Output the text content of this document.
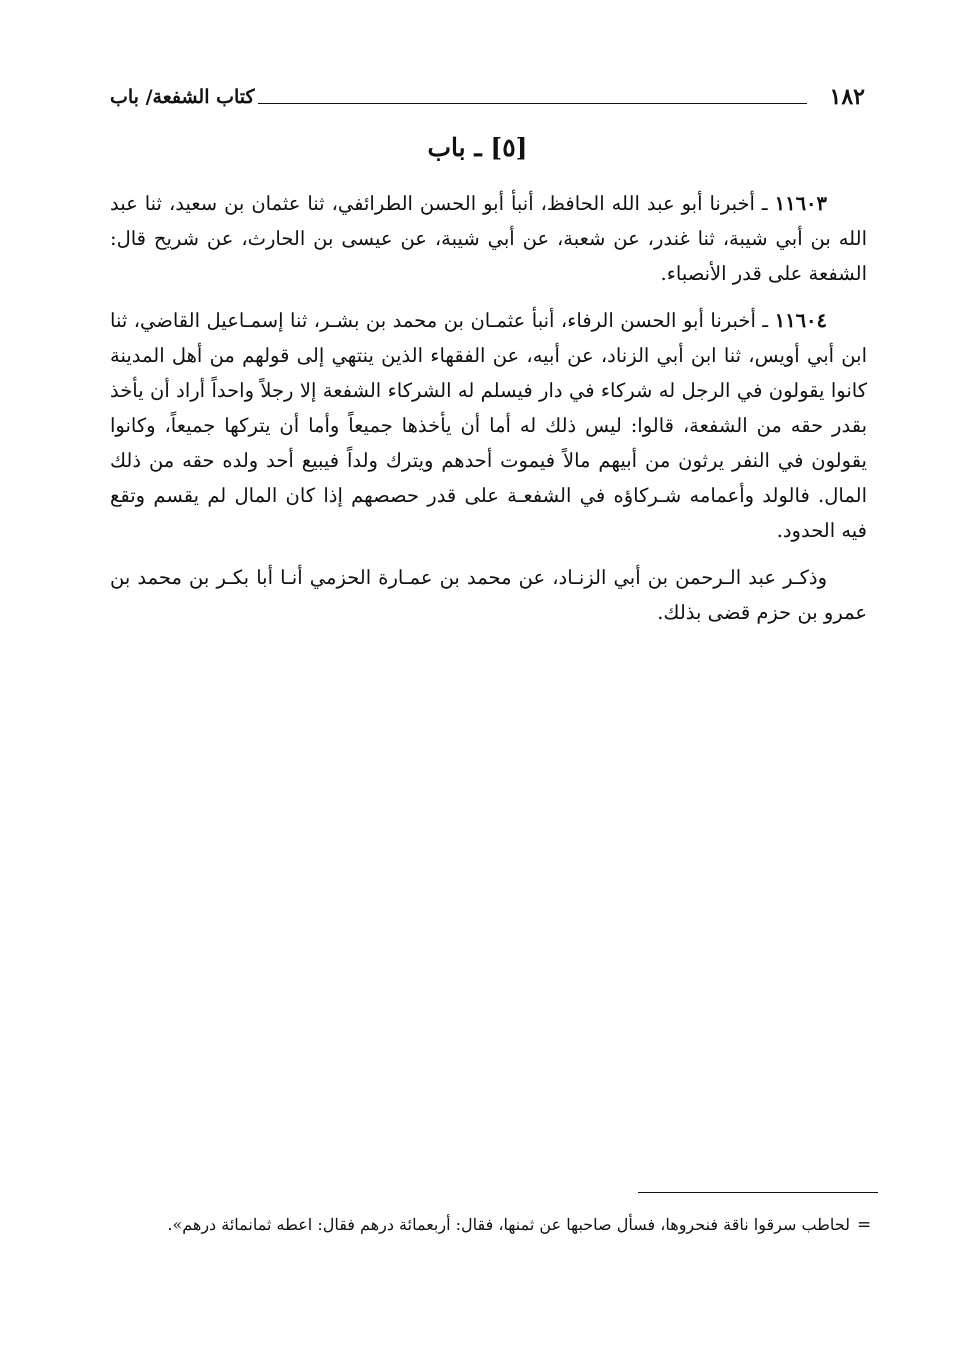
١٨٢
كتاب الشفعة/ باب
[٥] ـ باب

١١٦٠٣ ـ أخبرنا أبو عبد الله الحافظ، أنبأ أبو الحسن الطرائفي، ثنا عثمان بن سعيد، ثنا عبد الله بن أبي شيبة، ثنا غندر، عن شعبة، عن أبي شيبة، عن عيسى بن الحارث، عن شريح قال: الشفعة على قدر الأنصباء.

١١٦٠٤ ـ أخبرنا أبو الحسن الرفاء، أنبأ عثمـان بن محمد بن بشـر، ثنا إسمـاعيل القاضي، ثنا ابن أبي أويس، ثنا ابن أبي الزناد، عن أبيه، عن الفقهاء الذين ينتهي إلى قولهم من أهل المدينة كانوا يقولون في الرجل له شركاء في دار فيسلم له الشركاء الشفعة إلا رجلاً واحداً أراد أن يأخذ بقدر حقه من الشفعة، قالوا: ليس ذلك له أما أن يأخذها جميعاً وأما أن يتركها جميعاً، وكانوا يقولون في النفر يرثون من أبيهم مالاً فيموت أحدهم ويترك ولداً فيبيع أحد ولده حقه من ذلك المال. فالولد وأعمامه شـركاؤه في الشفعـة على قدر حصصهم إذا كان المال لم يقسم وتقع فيه الحدود.

وذكـر عبد الـرحمن بن أبي الزنـاد، عن محمد بن عمـارة الحزمي أنـا أبا بكـر بن محمد بن عمرو بن حزم قضى بذلك.

=
لحاطب سرقوا ناقة فنحروها، فسأل صاحبها عن ثمنها، فقال: أربعمائة درهم فقال: اعطه ثمانمائة درهم».
